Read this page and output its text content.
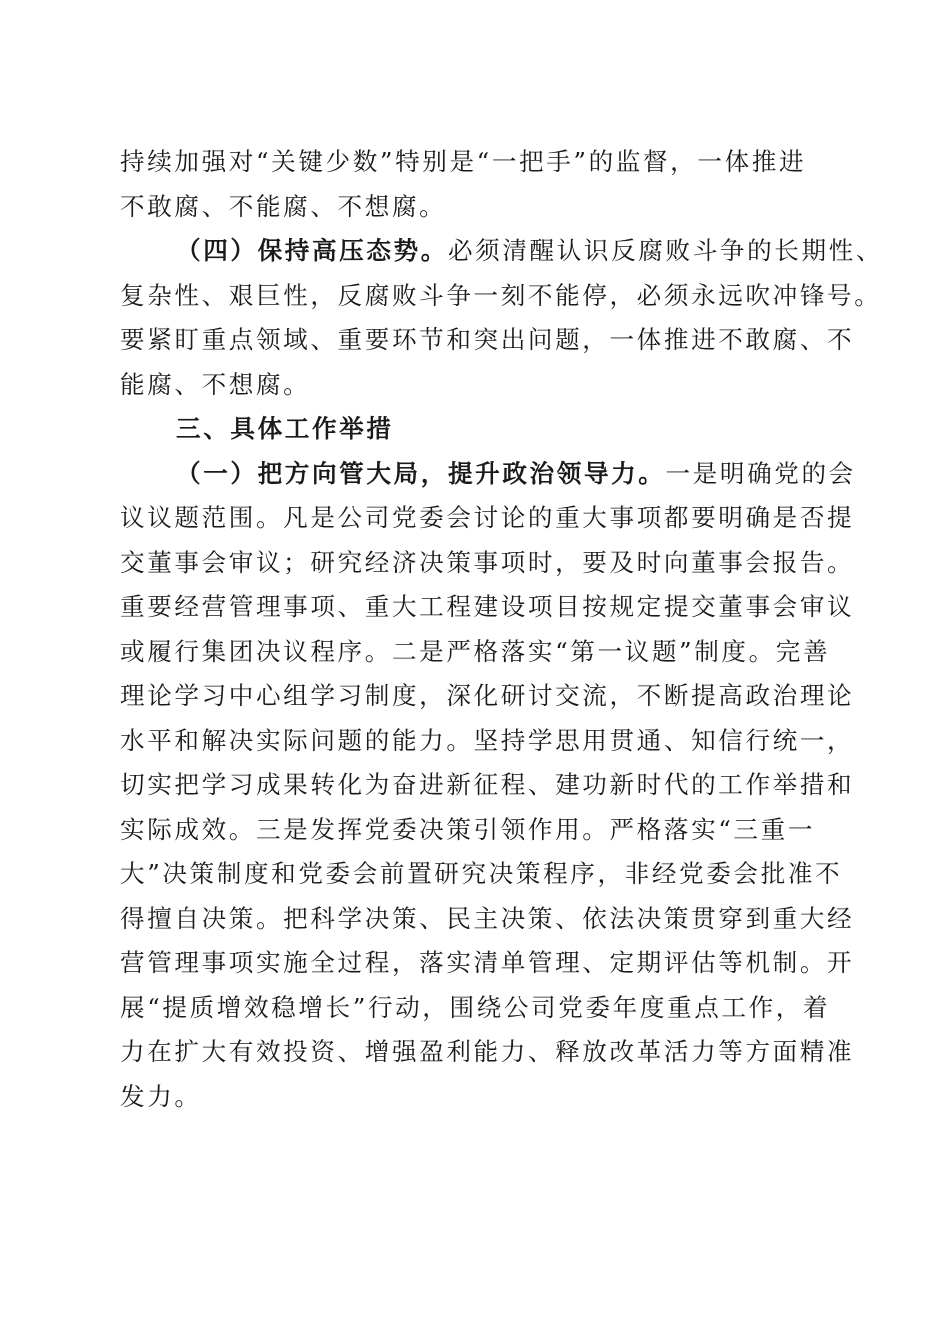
持续加强对“关键少数”特别是“一把手”的监督，一体推进
不敢腐、不能腐、不想腐。
（四）保持高压态势。必须清醒认识反腐败斗争的长期性、
复杂性、艰巨性，反腐败斗争一刻不能停，必须永远吹冲锋号。
要紧盯重点领域、重要环节和突出问题，一体推进不敢腐、不
能腐、不想腐。
三、具体工作举措
（一）把方向管大局，提升政治领导力。一是明确党的会
议议题范围。凡是公司党委会讨论的重大事项都要明确是否提
交董事会审议；研究经济决策事项时，要及时向董事会报告。
重要经营管理事项、重大工程建设项目按规定提交董事会审议
或履行集团决议程序。二是严格落实“第一议题”制度。完善
理论学习中心组学习制度，深化研讨交流，不断提高政治理论
水平和解决实际问题的能力。坚持学思用贯通、知信行统一，
切实把学习成果转化为奋进新征程、建功新时代的工作举措和
实际成效。三是发挥党委决策引领作用。严格落实“三重一
大”决策制度和党委会前置研究决策程序，非经党委会批准不
得擅自决策。把科学决策、民主决策、依法决策贯穿到重大经
营管理事项实施全过程，落实清单管理、定期评估等机制。开
展“提质增效稳增长”行动，围绕公司党委年度重点工作，着
力在扩大有效投资、增强盈利能力、释放改革活力等方面精准
发力。
